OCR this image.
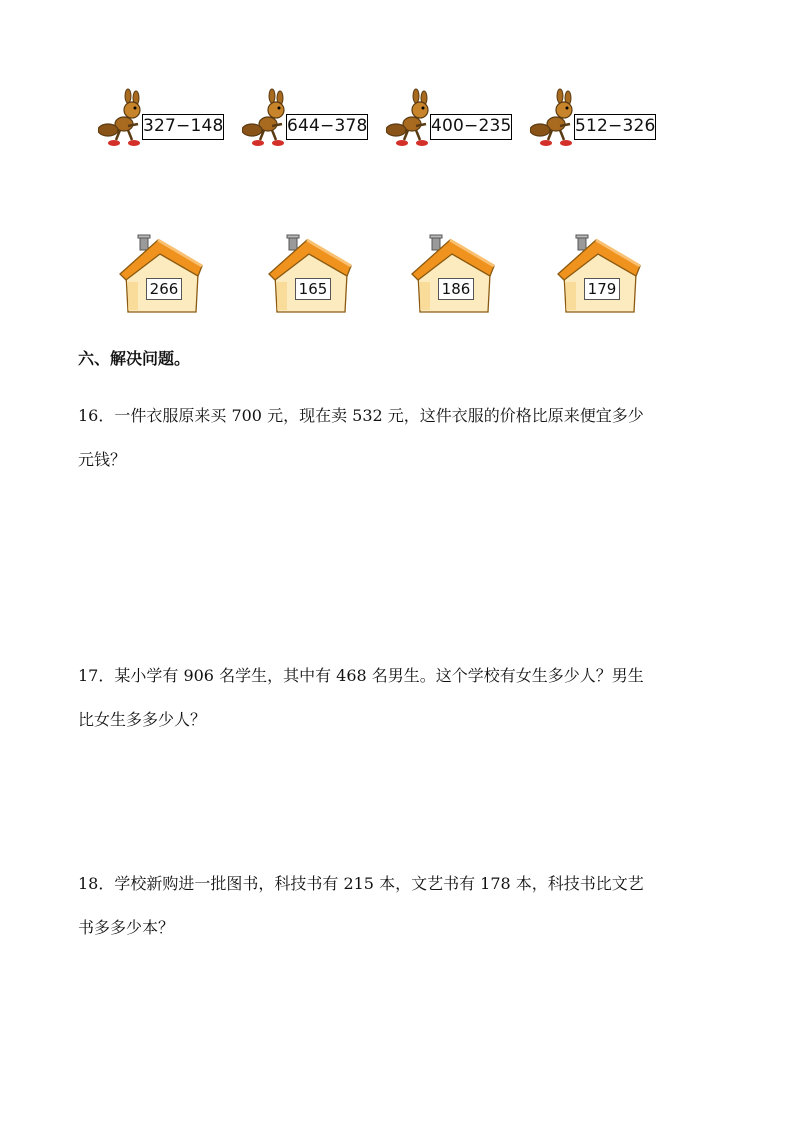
327−148	644−378	400−235	512−326
266	165	186	179
六、解决问题。
16．一件衣服原来买 700 元，现在卖 532 元，这件衣服的价格比原来便宜多少
元钱？
17．某小学有 906 名学生，其中有 468 名男生。这个学校有女生多少人？男生
比女生多多少人？
18．学校新购进一批图书，科技书有 215 本，文艺书有 178 本，科技书比文艺
书多多少本？
